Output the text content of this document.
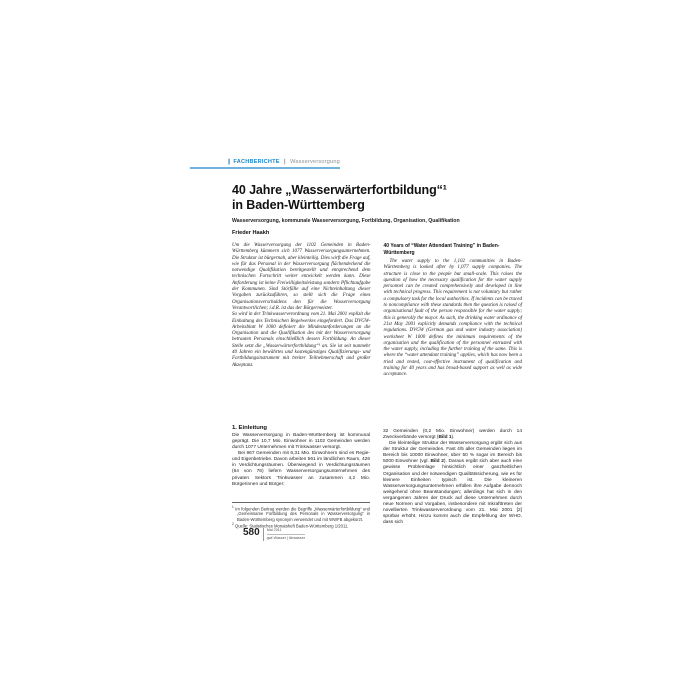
❙ FACHBERICHTE ❙ Wasserversorgung
40 Jahre „Wasserwärterfortbildung“¹
in Baden-Württemberg
Wasserversorgung, kommunale Wasserversorgung, Fortbildung, Organisation, Qualifikation
Frieder Haakh

Um die Wasserversorgung der 1102 Gemeinden in Baden-Württemberg kümmern sich 1077 Wasserversorgungsunternehmen. Die Struktur ist bürgernah, aber kleinteilig. Dies wirft die Frage auf, wie für das Personal in der Wasserversorgung flächendeckend die notwendige Qualifikation bereitgestellt und entsprechend dem technischen Fortschritt weiter entwickelt werden kann. Diese Anforderung ist keine Freiwilligkeitsleistung sondern Pflichtaufgabe der Kommunen. Sind Störfälle auf eine Nichteinhaltung dieser Vorgaben zurückzuführen, so stellt sich die Frage eines Organisationsverschuldens den für die Wasserversorgung Verantwortlichen; i.d.R. ist das der Bürgermeister.

So wird in der Trinkwasserverordnung vom 21. Mai 2001 explizit die Einhaltung des Technischen Regelwerkes eingefordert. Das DVGW-Arbeitsblatt W 1000 definiert die Mindestanforderungen an die Organisation und die Qualifikation des mit der Wasserversorgung betrauten Personals einschließlich dessen Fortbildung. An dieser Stelle setzt die „Wasserwärterfortbildung“¹ an. Sie ist seit nunmehr 40 Jahren ein bewährtes und kostengünstiges Qualifizierungs- und Fortbildungsinstrument mit breiter Teilnehmerschaft und großer Akzeptanz.

40 Years of “Water Attendant Training” in Baden-Württemberg

The water supply to the 1,102 communities in Baden-Württemberg is looked after by 1,077 supply companies. The structure is close to the people but small-scale. This raises the question of how the necessary qualification for the water supply personnel can be created comprehensively and developed in line with technical progress. This requirement is not voluntary but rather a compulsory task for the local authorities. If incidents can be traced to noncompliance with these standards then the question is raised of organisational fault of the person responsible for the water supply; this is generally the mayor. As such, the drinking water ordinance of 21st May 2001 explicitly demands compliance with the technical regulations. DVGW (German gas and water industry association) worksheet W 1000 defines the minimum requirements of the organisation and the qualification of the personnel entrusted with the water supply, including the further training of the same. This is where the “water attendant training” applies, which has now been a tried and tested, cost-effective instrument of qualification and training for 40 years and has broad-based support as well as wide acceptance.

1. Einleitung

Die Wasserversorgung in Baden-Württemberg ist kommunal geprägt. Die 10,7 Mio. Einwohner in 1102 Gemeinden werden durch 1077 Unternehmen mit Trinkwasser versorgt.

Bei 967 Gemeinden mit 6,31 Mio. Einwohnern sind es Regie- und Eigenbetriebe. Davon arbeiten 561 im ländlichen Raum, 426 in Verdichtungsräumen. Überwiegend in Verdichtungsräumen (64 von 76) liefern Wasserversorgungsunternehmen des privaten Sektors Trinkwasser an zusammen 4,2 Mio. Bürgerinnen und Bürger;

$^1$ Im folgenden Beitrag werden die Begriffe „Wasserwärterfortbildung“ und „Gemeinsame Fortbildung des Personals in Wasserversorgung“ in Baden-Württemberg synonym verwendet und mit WWFB abgekürzt.
$^2$ Quelle: Statistisches Monatsheft Baden-Württemberg 1/2011.

32 Gemeinden (0,2 Mio. Einwohner) werden durch 14 Zweckverbände versorgt (Bild 1).

Die kleinteilige Struktur der Wasserversorgung ergibt sich aus der Struktur der Gemeinden. Fast 4/5 aller Gemeinden liegen im Bereich bis 10000 Einwohner, über 50 % sogar im Bereich bis 5000 Einwohner (vgl. Bild 2). Daraus ergibt sich aber auch eine gewisse Problemlage hinsichtlich einer ganzheitlichen Organisation und der notwendigen Qualitätssicherung, wie es für kleinere Einheiten typisch ist. Die kleineren Wasserversorgungsunternehmen erfüllen ihre Aufgabe dennoch weitgehend ohne Beanstandungen; allerdings hat sich in den vergangenen Jahren der Druck auf diese Unternehmen durch neue Normen und Vorgaben, insbesondere mit Inkrafttreten der novellierten Trinkwasserverordnung vom 21. Mai 2001 [2] spürbar erhöht. Hinzu kommt auch die Empfehlung der WHO, dass sich

580 Mai 2011
gwf-Wasser | Abwasser
